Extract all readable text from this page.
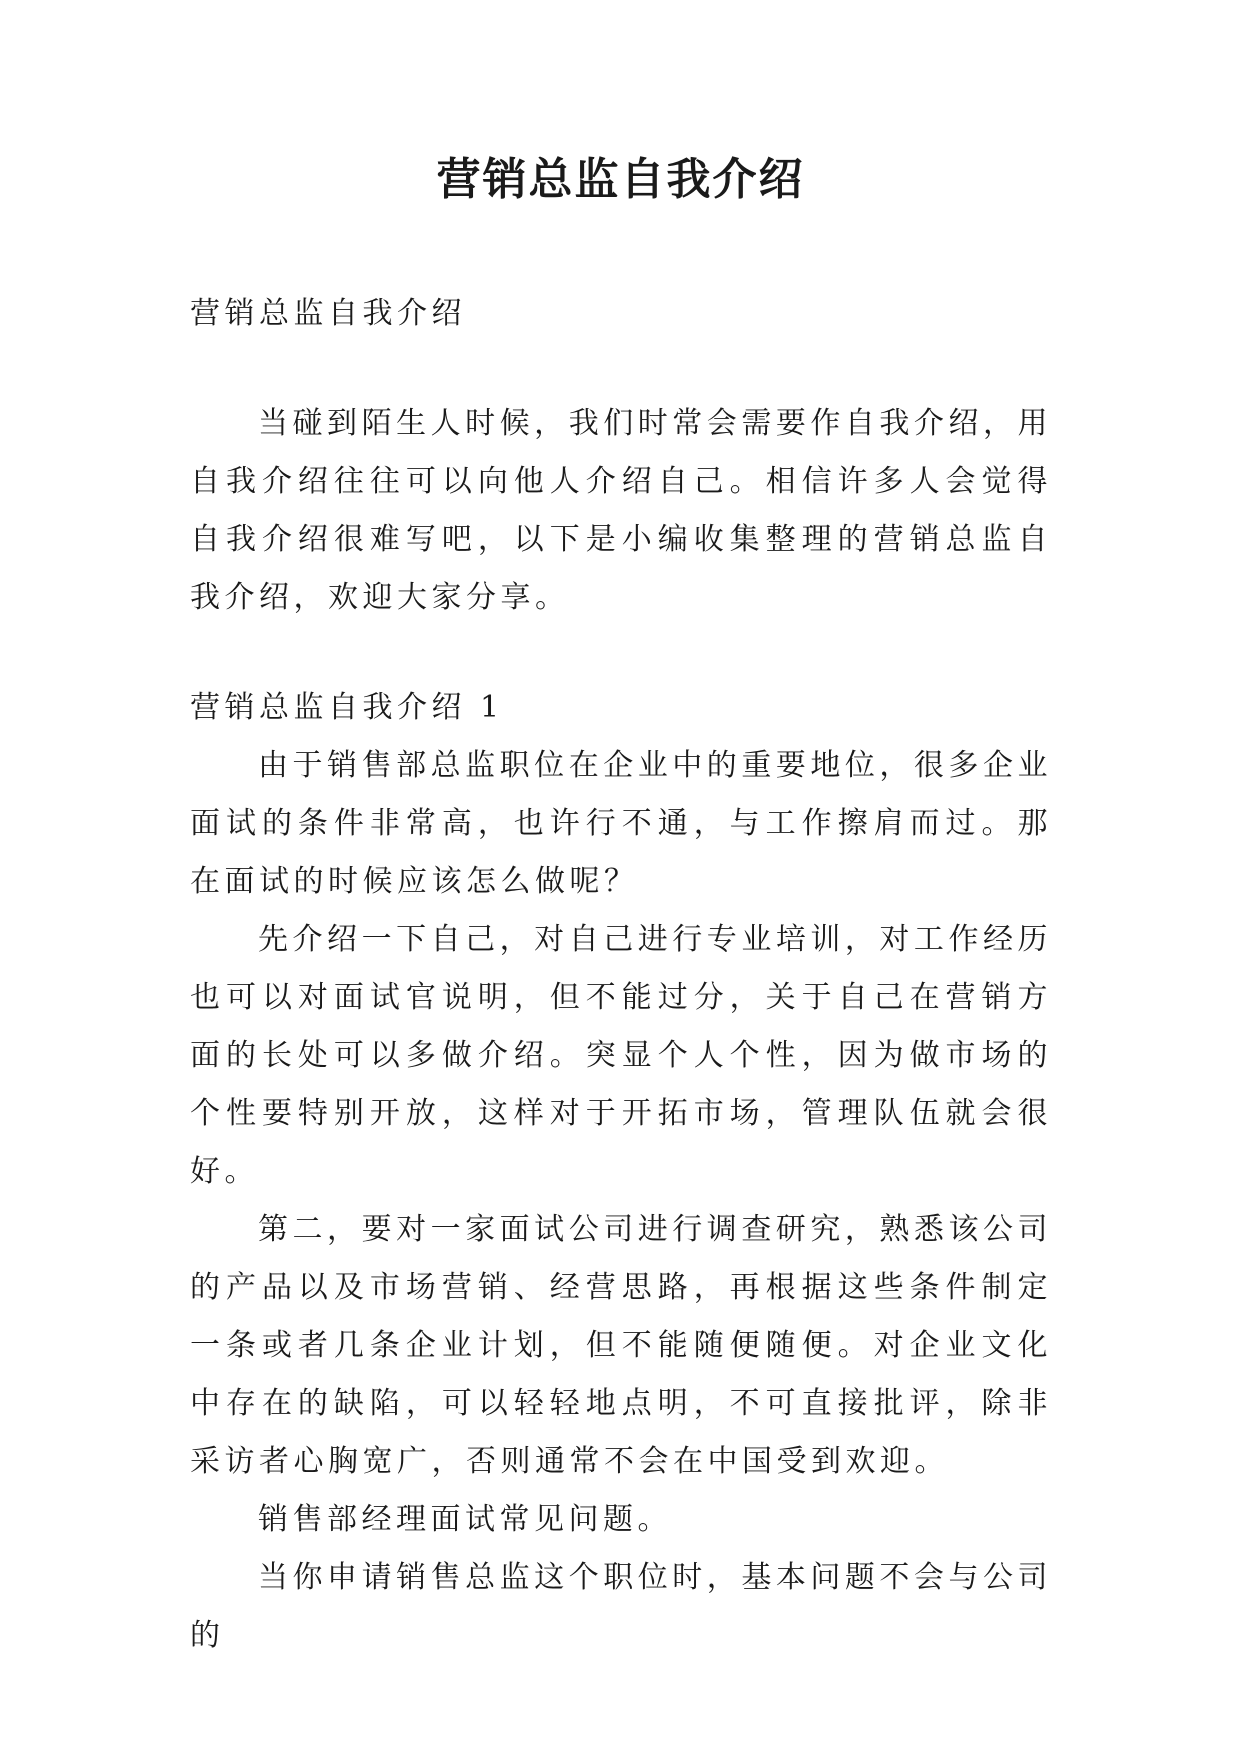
营销总监自我介绍

营销总监自我介绍

当碰到陌生人时候，我们时常会需要作自我介绍，用自我介绍往往可以向他人介绍自己。相信许多人会觉得自我介绍很难写吧，以下是小编收集整理的营销总监自我介绍，欢迎大家分享。

营销总监自我介绍 1

由于销售部总监职位在企业中的重要地位，很多企业面试的条件非常高，也许行不通，与工作擦肩而过。那在面试的时候应该怎么做呢？

先介绍一下自己，对自己进行专业培训，对工作经历也可以对面试官说明，但不能过分，关于自己在营销方面的长处可以多做介绍。突显个人个性，因为做市场的个性要特别开放，这样对于开拓市场，管理队伍就会很好。

第二，要对一家面试公司进行调查研究，熟悉该公司的产品以及市场营销、经营思路，再根据这些条件制定一条或者几条企业计划，但不能随便随便。对企业文化中存在的缺陷，可以轻轻地点明，不可直接批评，除非采访者心胸宽广，否则通常不会在中国受到欢迎。

销售部经理面试常见问题。

当你申请销售总监这个职位时，基本问题不会与公司的
